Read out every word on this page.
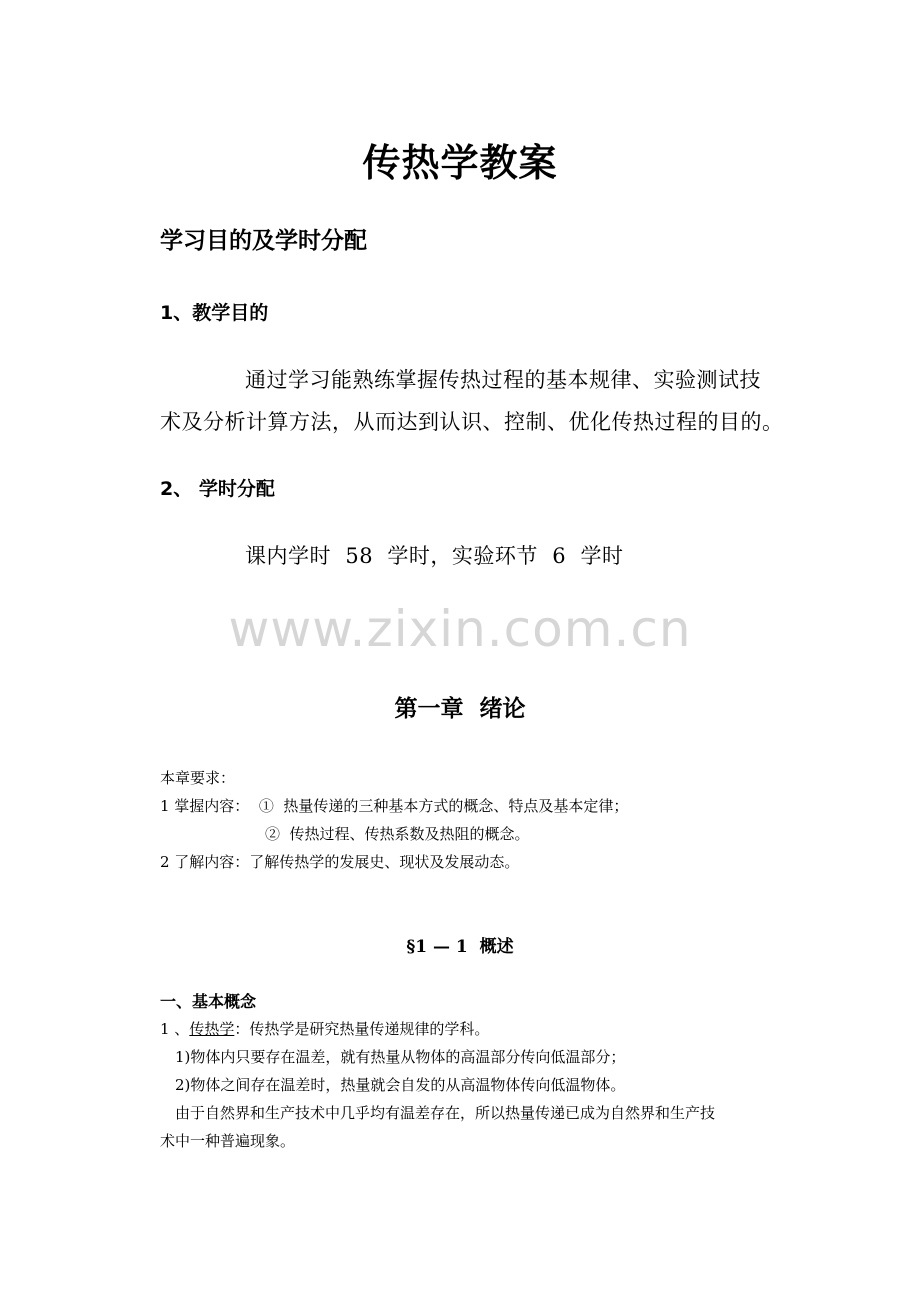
传热学教案
学习目的及学时分配
1、教学目的
通过学习能熟练掌握传热过程的基本规律、实验测试技
术及分析计算方法，从而达到认识、控制、优化传热过程的目的。
2、 学时分配
课内学时  58  学时，实验环节  6  学时
www.zixin.com.cn
第一章  绪论
本章要求：
1 掌握内容：  ①  热量传递的三种基本方式的概念、特点及基本定律；
②  传热过程、传热系数及热阻的概念。
2 了解内容：了解传热学的发展史、现状及发展动态。
§1 — 1  概述
一、基本概念
1 、传热学：传热学是研究热量传递规律的学科。
1)物体内只要存在温差，就有热量从物体的高温部分传向低温部分；
2)物体之间存在温差时，热量就会自发的从高温物体传向低温物体。
由于自然界和生产技术中几乎均有温差存在，所以热量传递已成为自然界和生产技
术中一种普遍现象。
